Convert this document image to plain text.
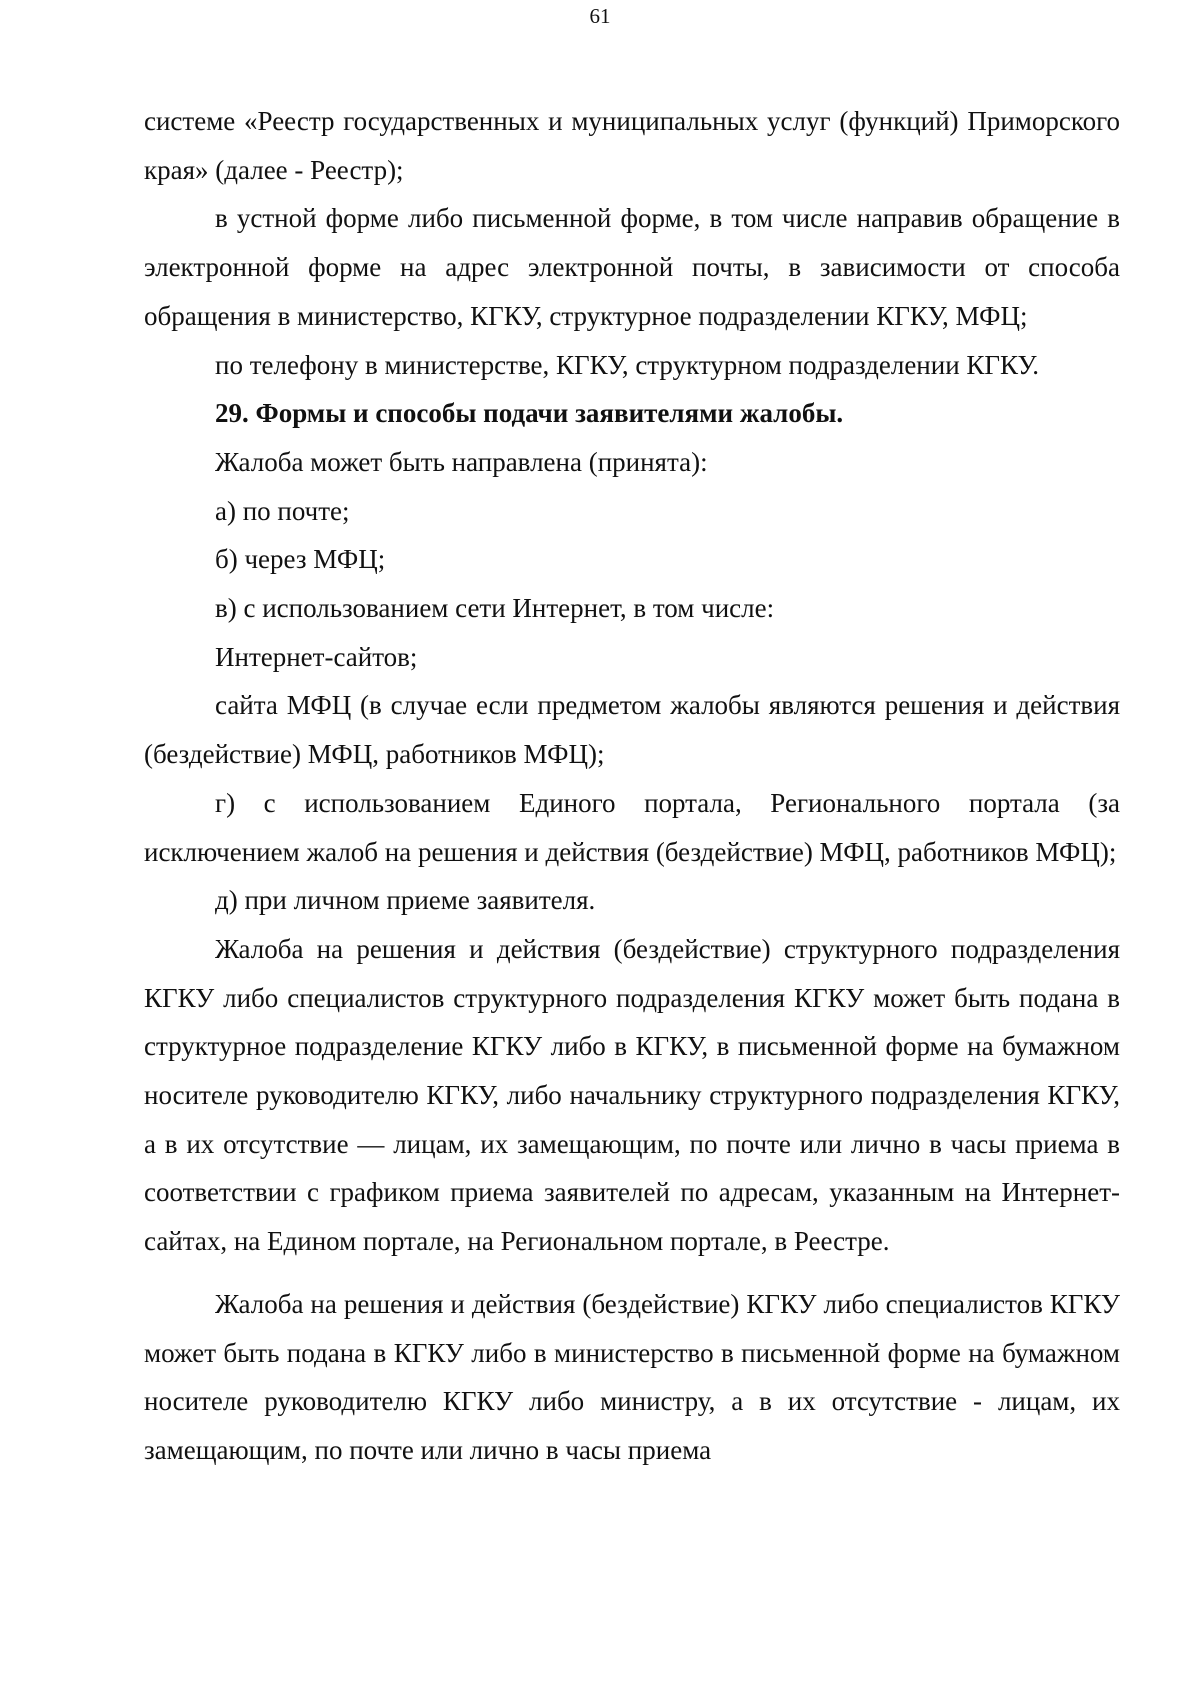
61

системе «Реестр государственных и муниципальных услуг (функций) Приморского края» (далее - Реестр);

в устной форме либо письменной форме, в том числе направив обращение в электронной форме на адрес электронной почты, в зависимости от способа обращения в министерство, КГКУ, структурное подразделении КГКУ, МФЦ;

по телефону в министерстве, КГКУ, структурном подразделении КГКУ.

29. Формы и способы подачи заявителями жалобы.

Жалоба может быть направлена (принята):

а) по почте;

б) через МФЦ;

в) с использованием сети Интернет, в том числе:

Интернет-сайтов;

сайта МФЦ (в случае если предметом жалобы являются решения и действия (бездействие) МФЦ, работников МФЦ);

г) с использованием Единого портала, Регионального портала (за исключением жалоб на решения и действия (бездействие) МФЦ, работников МФЦ);

д) при личном приеме заявителя.

Жалоба на решения и действия (бездействие) структурного подразделения КГКУ либо специалистов структурного подразделения КГКУ может быть подана в структурное подразделение КГКУ либо в КГКУ, в письменной форме на бумажном носителе руководителю КГКУ, либо начальнику структурного подразделения КГКУ, а в их отсутствие — лицам, их замещающим, по почте или лично в часы приема в соответствии с графиком приема заявителей по адресам, указанным на Интернет-сайтах, на Едином портале, на Региональном портале, в Реестре.

Жалоба на решения и действия (бездействие) КГКУ либо специалистов КГКУ может быть подана в КГКУ либо в министерство в письменной форме на бумажном носителе руководителю КГКУ либо министру, а в их отсутствие - лицам, их замещающим, по почте или лично в часы приема
